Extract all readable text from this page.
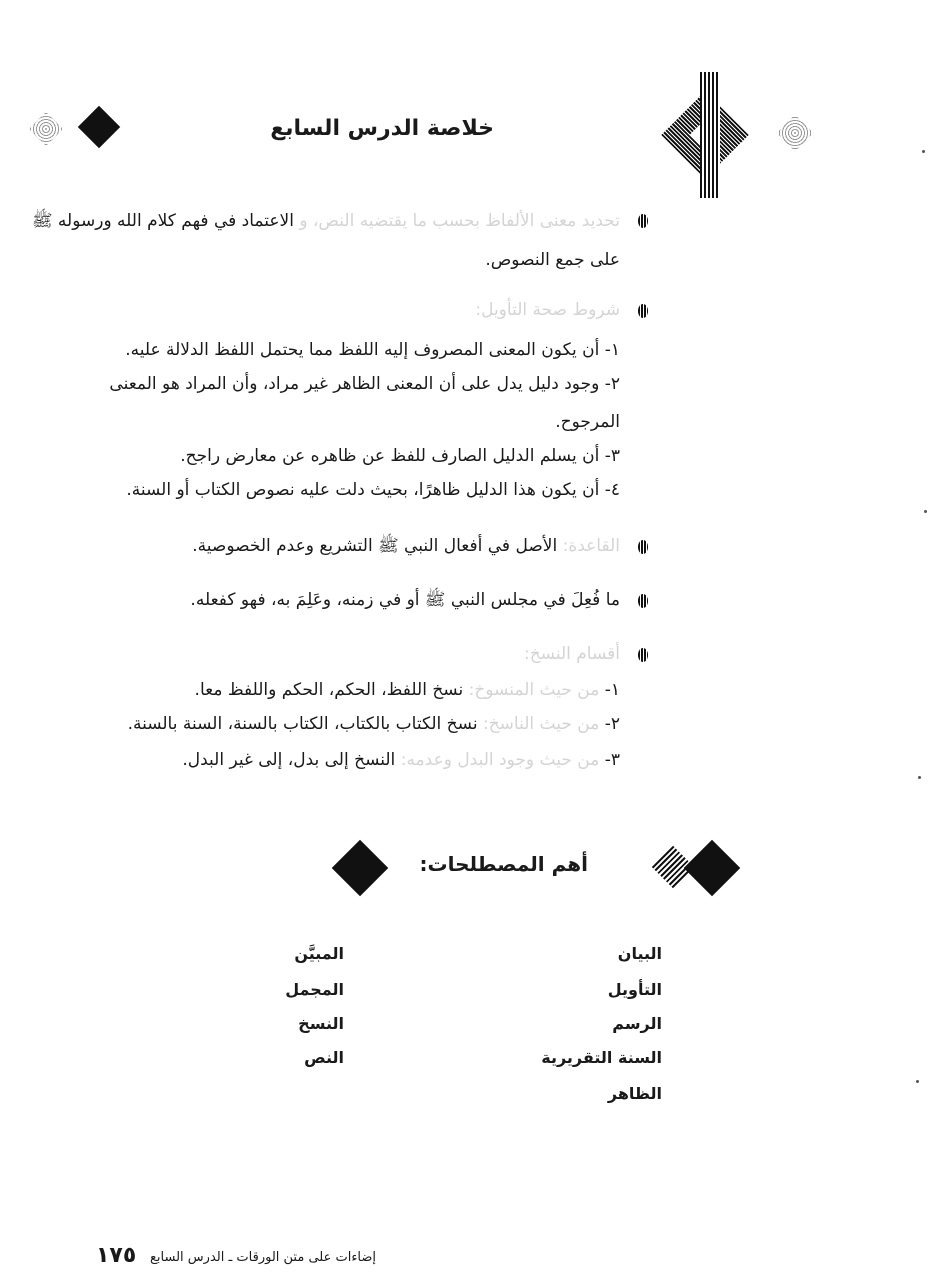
خلاصة الدرس السابع
تحديد معنى الألفاظ بحسب ما يقتضيه النص، و الاعتماد في فهم كلام الله ورسوله ﷺ
على جمع النصوص.
شروط صحة التأويل:
١- أن يكون المعنى المصروف إليه اللفظ مما يحتمل اللفظ الدلالة عليه.
٢- وجود دليل يدل على أن المعنى الظاهر غير مراد، وأن المراد هو المعنى
المرجوح.
٣- أن يسلم الدليل الصارف للفظ عن ظاهره عن معارض راجح.
٤- أن يكون هذا الدليل ظاهرًا، بحيث دلت عليه نصوص الكتاب أو السنة.
القاعدة: الأصل في أفعال النبي ﷺ التشريع وعدم الخصوصية.
ما فُعِلَ في مجلس النبي ﷺ أو في زمنه، وعَلِمَ به، فهو كفعله.
أقسام النسخ:
١- من حيث المنسوخ: نسخ اللفظ، الحكم، الحكم واللفظ معا.
٢- من حيث الناسخ: نسخ الكتاب بالكتاب، الكتاب بالسنة، السنة بالسنة.
٣- من حيث وجود البدل وعدمه: النسخ إلى بدل، إلى غير البدل.
أهم المصطلحات:
البيان
التأويل
الرسم
السنة التقريرية
الظاهر
المبيَّن
المجمل
النسخ
النص
١٧٥ إضاءات على متن الورقات ـ الدرس السابع
